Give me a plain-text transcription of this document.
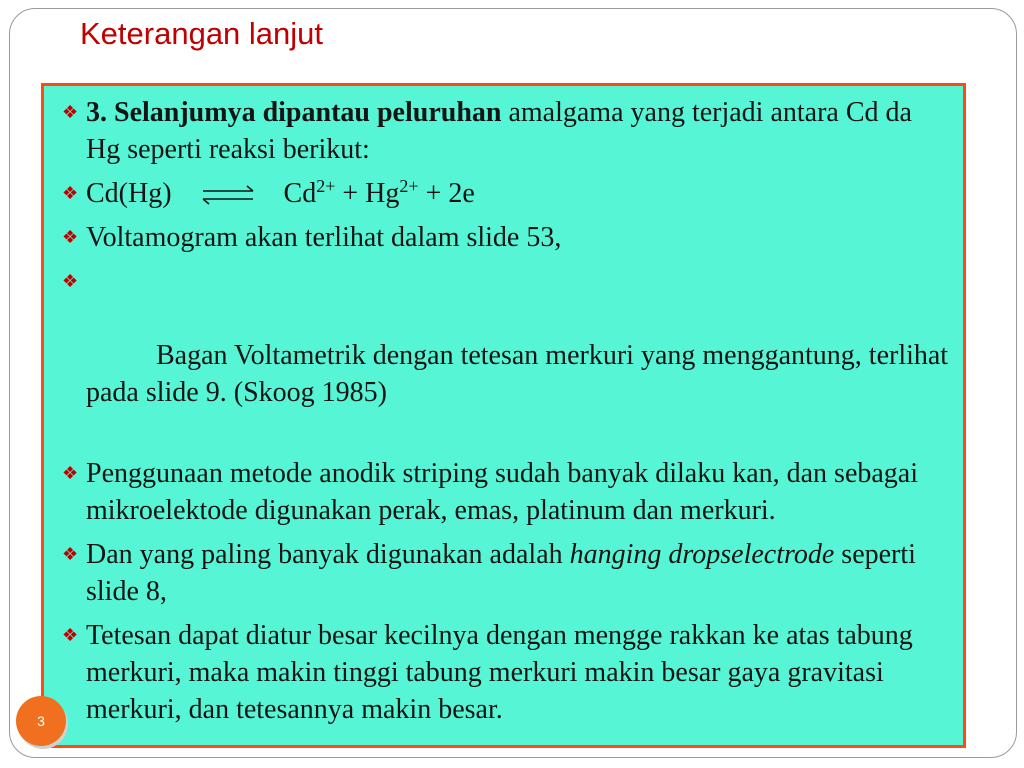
Keterangan lanjut
❖ 3. Selanjumya dipantau peluruhan amalgama yang terjadi antara Cd da Hg seperti reaksi berikut:
❖ Cd(Hg) ⇌ $Cd^{2+} + Hg^{2+} + 2e$
❖ Voltamogram akan terlihat dalam slide 53,

❖

Bagan Voltametrik dengan tetesan merkuri yang menggantung, terlihat pada slide 9. (Skoog 1985)

❖ Penggunaan metode anodik striping sudah banyak dilaku kan, dan sebagai mikroelektode digunakan perak, emas, platinum dan merkuri.
❖ Dan yang paling banyak digunakan adalah hanging dropselectrode seperti slide 8,
❖ Tetesan dapat diatur besar kecilnya dengan mengge rakkan ke atas tabung merkuri, maka makin tinggi tabung merkuri makin besar gaya gravitasi merkuri, dan tetesannya makin besar.
3
